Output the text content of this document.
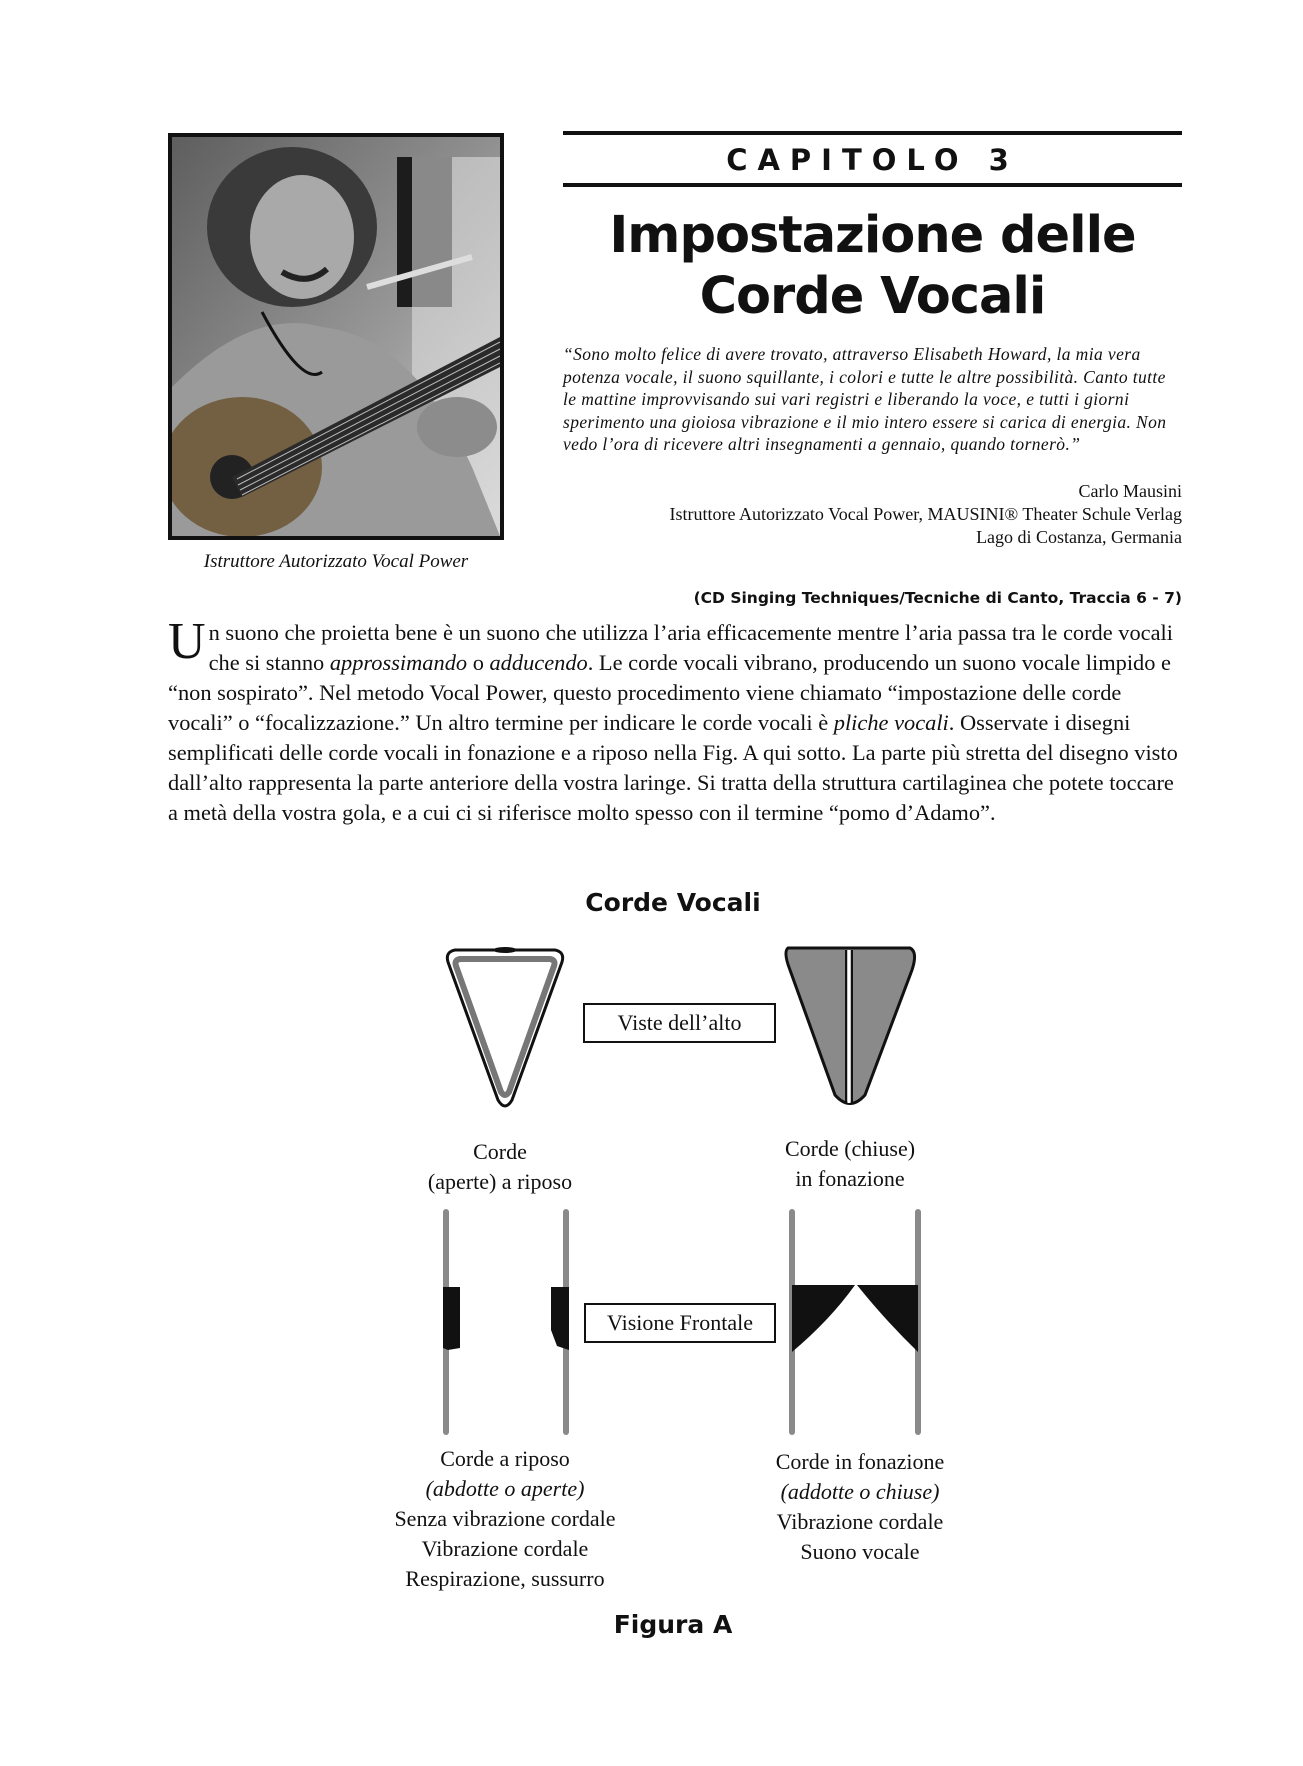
Istruttore Autorizzato Vocal Power
CAPITOLO 3
Impostazione delle
Corde Vocali
“Sono molto felice di avere trovato, attraverso Elisabeth Howard, la mia vera potenza vocale, il suono squillante, i colori e tutte le altre possibilità. Canto tutte le mattine improvvisando sui vari registri e liberando la voce, e tutti i giorni sperimento una gioiosa vibrazione e il mio intero essere si carica di energia. Non vedo l’ora di ricevere altri insegnamenti a gennaio, quando tornerò.”
Carlo Mausini
Istruttore Autorizzato Vocal Power, MAUSINI® Theater Schule Verlag
Lago di Costanza, Germania
(CD Singing Techniques/Tecniche di Canto, Traccia 6 - 7)

Un suono che proietta bene è un suono che utilizza l’aria efficacemente mentre l’aria passa tra le corde vocali che si stanno approssimando o adducendo. Le corde vocali vibrano, producendo un suono vocale limpido e “non sospirato”. Nel metodo Vocal Power, questo procedimento viene chiamato “impostazione delle corde vocali” o “focalizzazione.” Un altro termine per indicare le corde vocali è pliche vocali. Osservate i disegni semplificati delle corde vocali in fonazione e a riposo nella Fig. A qui sotto. La parte più stretta del disegno visto dall’alto rappresenta la parte anteriore della vostra laringe. Si tratta della struttura cartilaginea che potete toccare a metà della vostra gola, e a cui ci si riferisce molto spesso con il termine “pomo d’Adamo”.

Corde Vocali
Viste dell’alto
Visione Frontale
Corde
(aperte) a riposo
Corde (chiuse)
in fonazione
Corde a riposo
(abdotte o aperte)
Senza vibrazione cordale
Vibrazione cordale
Respirazione, sussurro
Corde in fonazione
(addotte o chiuse)
Vibrazione cordale
Suono vocale
Figura A
